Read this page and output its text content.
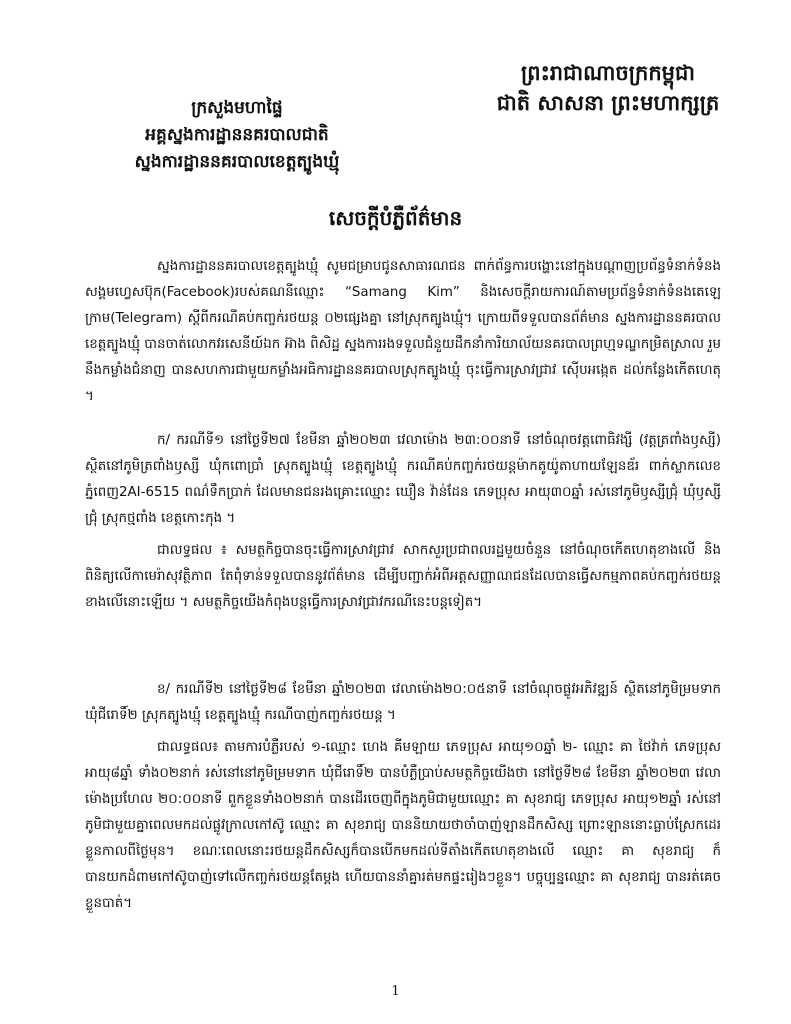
ព្រះរាជាណាចក្រកម្ពុជា
ជាតិ សាសនា ព្រះមហាក្សត្រ
ក្រសួងមហាផ្ទៃ
អគ្គស្នងការដ្ឋាននគរបាលជាតិ
ស្នងការដ្ឋាននគរបាលខេត្តត្បូងឃ្មុំ
សេចក្តីបំភ្លឺព័ត៌មាន
ស្នងការដ្ឋាននគរបាលខេត្តត្បូងឃ្មុំ សូមជម្រាបជូនសាធារណជន ពាក់ព័ន្ធការបង្ហោះនៅក្នុងបណ្តាញប្រព័ន្ធទំនាក់ទំនងសង្គមហ្វេសប៊ុក(Facebook)របស់គណនីឈ្មោះ “Samang Kim” និងសេចក្តីរាយការណ៍តាមប្រព័ន្ធទំនាក់ទំនងតេឡេក្រាម(Telegram) ស្តីពីករណីគប់កញ្ចក់រថយន្ត ០២ផ្សេងគ្នា នៅស្រុកត្បូងឃ្មុំ។ ក្រោយពីទទួលបានព័ត៌មាន ស្នងការដ្ឋាននគរបាលខេត្តត្បូងឃ្មុំ បានចាត់លោកវរសេនីយ៍ឯក អ៊ាង ពិសិដ្ឋ ស្នងការរងទទួលជំនួយដឹកនាំការិយាល័យនគរបាលព្រហ្មទណ្ឌកម្រិតស្រាល រួមនឹងកម្លាំងជំនាញ បានសហការជាមួយកម្លាំងអធិការដ្ឋាននគរបាលស្រុកត្បូងឃ្មុំ ចុះធ្វើការស្រាវជ្រាវ ស៊ើបអង្កេត ដល់កន្លែងកើតហេតុ ។
ក/ ករណីទី១ នៅថ្ងៃទី២៧ ខែមីនា ឆ្នាំ២០២៣ វេលាម៉ោង ២៣:០០នាទី នៅចំណុចវត្តពោធិវង្សី (វត្តត្រពាំងឫស្សី) ស្ថិតនៅភូមិត្រពាំងឫស្សី ឃុំកពោប្រាំ ស្រុកត្បូងឃ្មុំ ខេត្តត្បូងឃ្មុំ ករណីគប់កញ្ចក់រថយន្តម៉ាកតូយ៉ូតាហាយឡែនឌ័រ ពាក់ស្លាកលេខភ្នំពេញ2AI-6515 ពណ៌ទឹកប្រាក់ ដែលមានជនរងគ្រោះឈ្មោះ ឃឿន វ៉ាន់ដែន ភេទប្រុស អាយុ៣០ឆ្នាំ រស់នៅភូមិឫស្សីជ្រុំ ឃុំឫស្សីជ្រុំ ស្រុកថ្មពាំង ខេត្តកោះកុង ។
ជាលទ្ធផល ៖ សមត្ថកិច្ចបានចុះធ្វើការស្រាវជ្រាវ សាកសួរប្រជាពលរដ្ឋមួយចំនួន នៅចំណុចកើតហេតុខាងលើ និងពិនិត្យលើកាមេរ៉ាសុវត្ថិភាព តែពុំទាន់ទទួលបាននូវព័ត៌មាន ដើម្បីបញ្ជាក់អំពីអត្តសញ្ញាណជនដែលបានធ្វើសកម្មភាពគប់កញ្ចក់រថយន្តខាងលើនោះឡើយ ។ សមត្ថកិច្ចយើងកំពុងបន្តធ្វើការស្រាវជ្រាវករណីនេះបន្តទៀត។
ខ/ ករណីទី២ នៅថ្ងៃទី២៨ ខែមីនា ឆ្នាំ២០២៣ វេលាម៉ោង២០:០៥នាទី នៅចំណុចផ្លូវអភិវឌ្ឍន៍ ស្ថិតនៅភូមិម្រមទាក ឃុំជីរោទិ៍២ ស្រុកត្បូងឃ្មុំ ខេត្តត្បូងឃ្មុំ ករណីបាញ់កញ្ចក់រថយន្ត ។
ជាលទ្ធផល៖ តាមការបំភ្លឺរបស់ ១-ឈ្មោះ ហេង គីមឡាយ ភេទប្រុស អាយុ១០ឆ្នាំ ២- ឈ្មោះ គា ថៃវ៉ាក់ ភេទប្រុស អាយុ៨ឆ្នាំ ទាំង០២នាក់ រស់នៅនៅភូមិម្រមទាក ឃុំជីរោទិ៍២ បានបំភ្លឺប្រាប់សមត្ថកិច្ចយើងថា នៅថ្ងៃទី២៨ ខែមីនា ឆ្នាំ២០២៣ វេលាម៉ោងប្រហែល ២០:០០នាទី ពួកខ្លួនទាំង០២នាក់ បានដើរចេញពីក្នុងភូមិជាមួយឈ្មោះ គា សុខរាជ្យ ភេទប្រុស អាយុ១២ឆ្នាំ រស់នៅភូមិជាមួយគ្នាពេលមកដល់ផ្លូវក្រាលកៅស៊ូ ឈ្មោះ គា សុខរាជ្យ បាននិយាយថាចាំបាញ់ឡានដឹកសិស្ស ព្រោះឡាននោះធ្លាប់ស្រែកដេរខ្លួនកាលពីថ្ងៃមុន។ ខណៈពេលនោះរថយន្តដឹកសិស្សក៏បានបើកមកដល់ទីតាំងកើតហេតុខាងលើ ឈ្មោះ គា សុខរាជ្យ ក៏បានយកដំពាមកៅស៊ូបាញ់ទៅលើកញ្ចក់រថយន្តតែម្តង ហើយបាននាំគ្នារត់មកផ្ទះរៀងៗខ្លួន។ បច្ចុប្បន្នឈ្មោះ គា សុខរាជ្យ បានរត់គេចខ្លួនបាត់។
1
